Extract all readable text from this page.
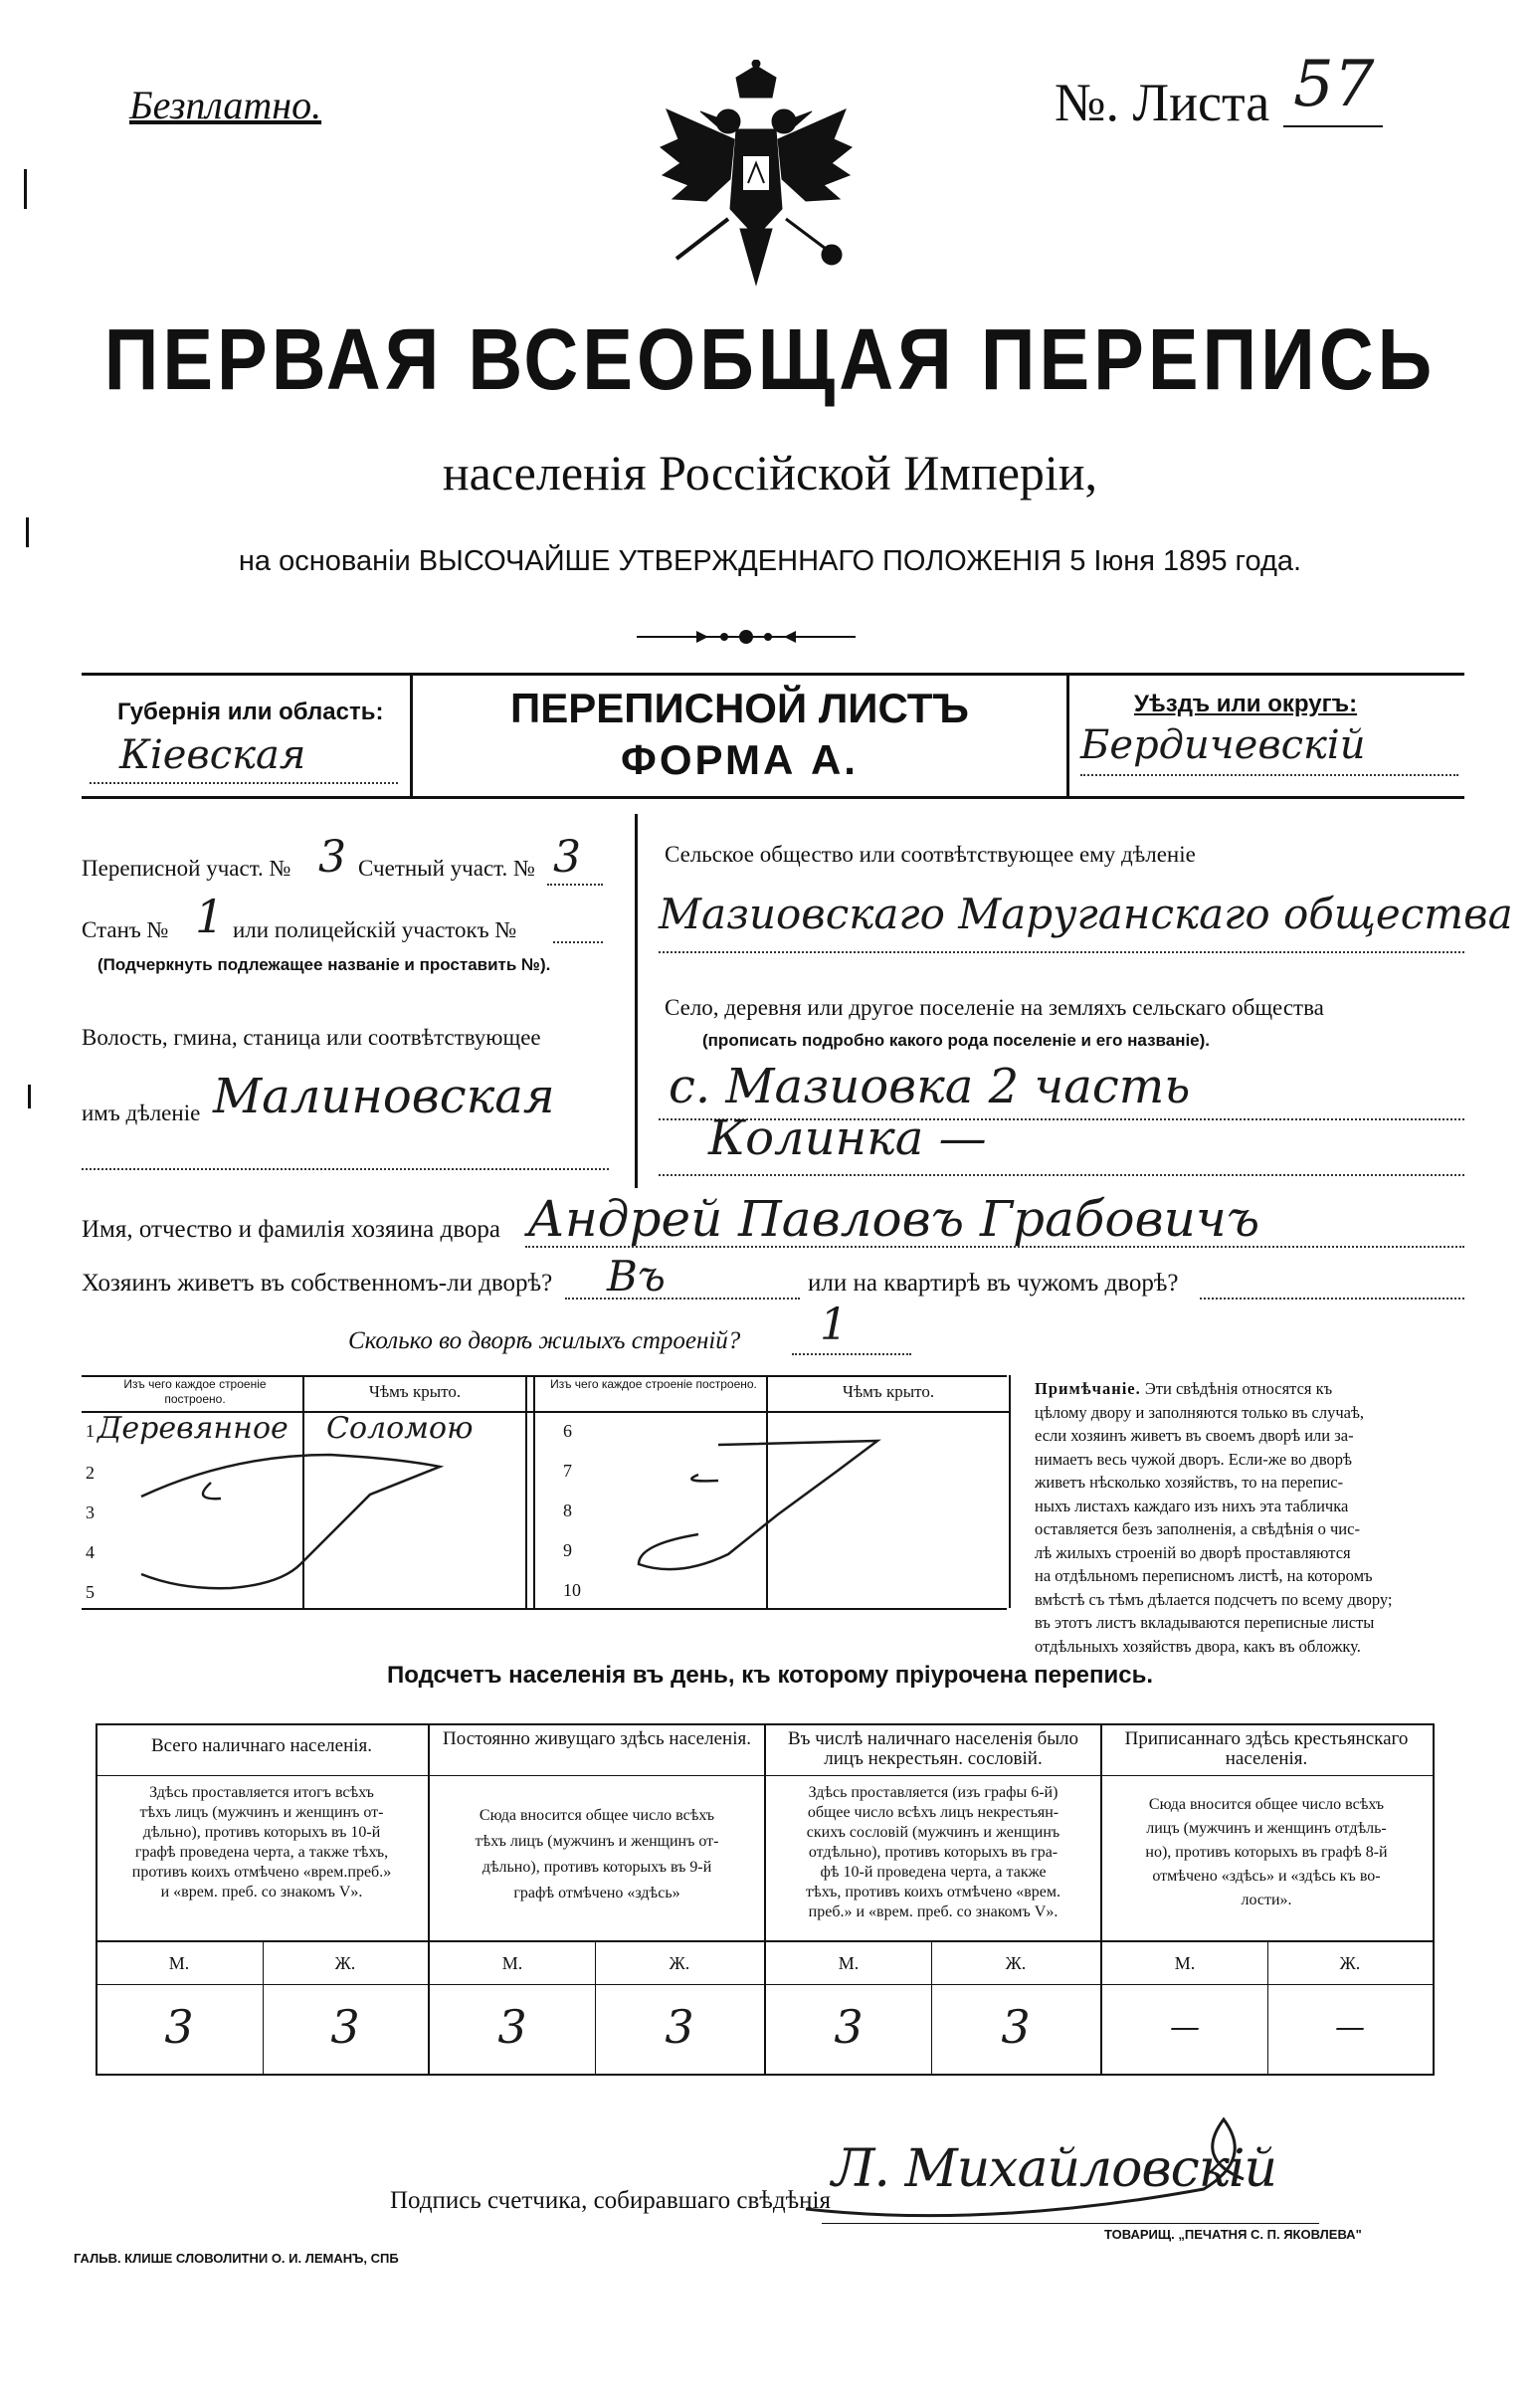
Безплатно.	№. Листа 57
ПЕРВАЯ ВСЕОБЩАЯ ПЕРЕПИСЬ
населенія Россійской Имперіи,
на основаніи ВЫСОЧАЙШЕ УТВЕРЖДЕННАГО ПОЛОЖЕНІЯ 5 Іюня 1895 года.
Губернія или область:
Кіевская
ПЕРЕПИСНОЙ ЛИСТЪ
ФОРМА А.
Уѣздъ или округъ:
Бердичевскій
Переписной участ. № 3 Счетный участ. № 3
Станъ № 1 или полицейскій участокъ №
(Подчеркнуть подлежащее названіе и проставить №).
Волость, гмина, станица или соотвѣтствующее
имъ дѣленіе Малиновская
Сельское общество или соотвѣтствующее ему дѣленіе
Мазиовскаго Маруганскаго общества
Село, деревня или другое поселеніе на земляхъ сельскаго общества
(прописать подробно какого рода поселеніе и его названіе).
с. Мазиовка 2 часть
Колинка —
Имя, отчество и фамилія хозяина двора Андрей Павловъ Грабовичъ
Хозяинъ живетъ въ собственномъ-ли дворѣ? Въ	или на квартирѣ въ чужомъ дворѣ?
Сколько во дворѣ жилыхъ строеній? 1
Изъ чего каждое строеніе построено.	Чѣмъ крыто.	Изъ чего каждое строеніе построено.	Чѣмъ крыто.
1 Деревянное Соломою
2
3
4
5
6
7
8
9
10
Примѣчаніе. Эти свѣдѣнія относятся къ
цѣлому двору и заполняются только въ случаѣ,
если хозяинъ живетъ въ своемъ дворѣ или за-
нимаетъ весь чужой дворъ. Если-же во дворѣ
живетъ нѣсколько хозяйствъ, то на перепис-
ныхъ листахъ каждаго изъ нихъ эта табличка
оставляется безъ заполненія, а свѣдѣнія о чис-
лѣ жилыхъ строеній во дворѣ проставляются
на отдѣльномъ переписномъ листѣ, на которомъ
вмѣстѣ съ тѣмъ дѣлается подсчетъ по всему двору;
въ этотъ листъ вкладываются переписные листы
отдѣльныхъ хозяйствъ двора, какъ въ обложку.
Подсчетъ населенія въ день, къ которому пріурочена перепись.
Всего наличнаго населенія.
Здѣсь проставляется итогъ всѣхъ
тѣхъ лицъ (мужчинъ и женщинъ от-
дѣльно), противъ которыхъ въ 10-й
графѣ проведена черта, а также тѣхъ,
противъ коихъ отмѣчено «врем.преб.»
и «врем. преб. со знакомъ V».
Постоянно живущаго здѣсь населенія.
Сюда вносится общее число всѣхъ
тѣхъ лицъ (мужчинъ и женщинъ от-
дѣльно), противъ которыхъ въ 9-й
графѣ отмѣчено «здѣсь»
Въ числѣ наличнаго населенія было лицъ некрестьян. сословій.
Здѣсь проставляется (изъ графы 6-й)
общее число всѣхъ лицъ некрестьян-
скихъ сословій (мужчинъ и женщинъ
отдѣльно), противъ которыхъ въ гра-
фѣ 10-й проведена черта, а также
тѣхъ, противъ коихъ отмѣчено «врем.
преб.» и «врем. преб. со знакомъ V».
Приписаннаго здѣсь крестьянскаго населенія.
Сюда вносится общее число всѣхъ
лицъ (мужчинъ и женщинъ отдѣль-
но), противъ которыхъ въ графѣ 8-й
отмѣчено «здѣсь» и «здѣсь къ во-
лости».
М.	Ж.	М.	Ж.	М.	Ж.	М.	Ж.
3	3	3	3	3	3	—	—
Подпись счетчика, собиравшаго свѣдѣнія
Л. Михайловскій
ГАЛЬВ. КЛИШЕ СЛОВОЛИТНИ О. И. ЛЕМАНЪ, СПБ
ТОВАРИЩ. „ПЕЧАТНЯ С. П. ЯКОВЛЕВА"
